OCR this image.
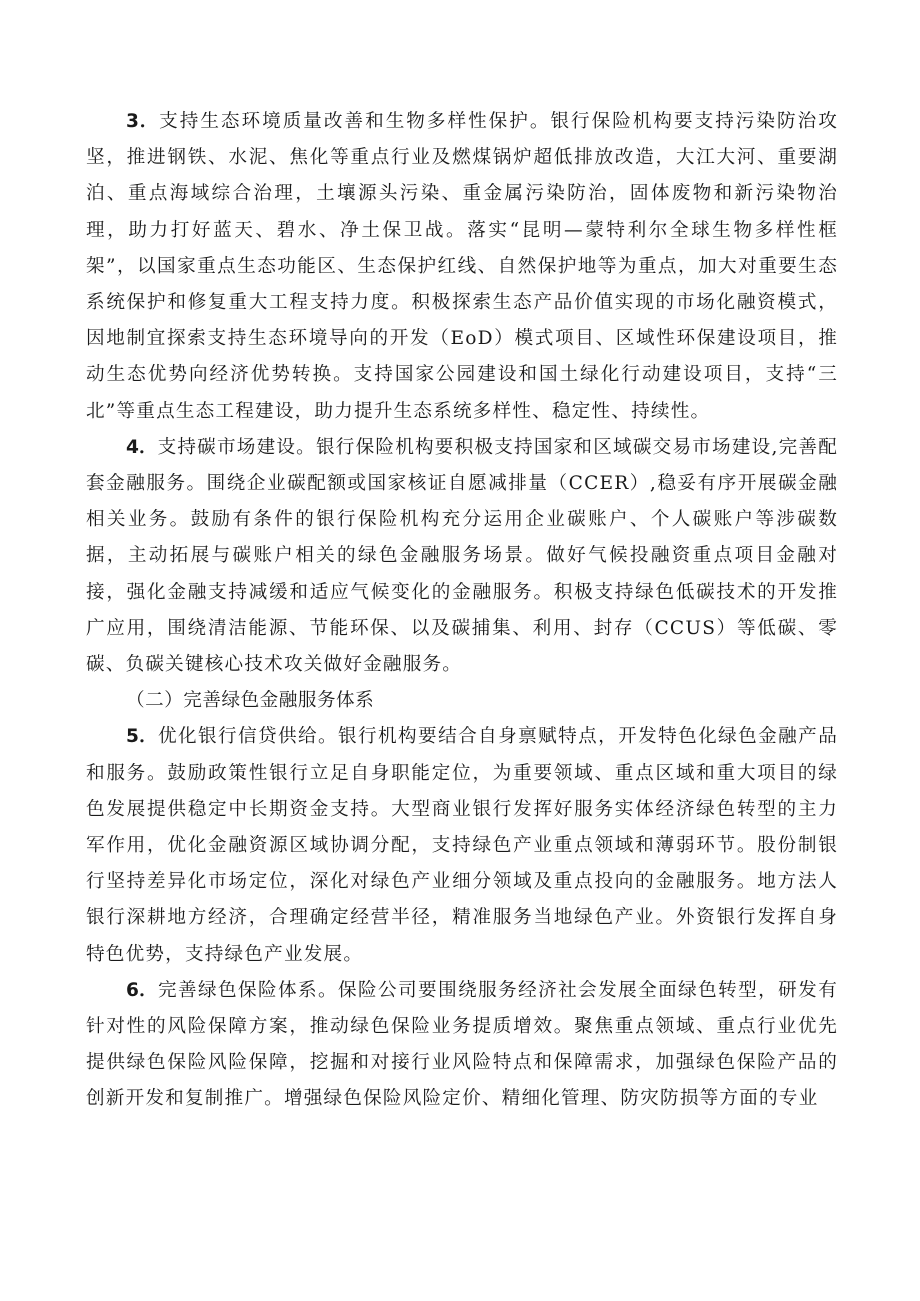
3．支持生态环境质量改善和生物多样性保护。银行保险机构要支持污染防治攻坚，推进钢铁、水泥、焦化等重点行业及燃煤锅炉超低排放改造，大江大河、重要湖泊、重点海域综合治理，土壤源头污染、重金属污染防治，固体废物和新污染物治理，助力打好蓝天、碧水、净土保卫战。落实“昆明—蒙特利尔全球生物多样性框架”，以国家重点生态功能区、生态保护红线、自然保护地等为重点，加大对重要生态系统保护和修复重大工程支持力度。积极探索生态产品价值实现的市场化融资模式，因地制宜探索支持生态环境导向的开发（EoD）模式项目、区域性环保建设项目，推动生态优势向经济优势转换。支持国家公园建设和国土绿化行动建设项目，支持“三北”等重点生态工程建设，助力提升生态系统多样性、稳定性、持续性。

4．支持碳市场建设。银行保险机构要积极支持国家和区域碳交易市场建设,完善配套金融服务。围绕企业碳配额或国家核证自愿减排量（CCER）,稳妥有序开展碳金融相关业务。鼓励有条件的银行保险机构充分运用企业碳账户、个人碳账户等涉碳数据，主动拓展与碳账户相关的绿色金融服务场景。做好气候投融资重点项目金融对接，强化金融支持减缓和适应气候变化的金融服务。积极支持绿色低碳技术的开发推广应用，围绕清洁能源、节能环保、以及碳捕集、利用、封存（CCUS）等低碳、零碳、负碳关键核心技术攻关做好金融服务。

（二）完善绿色金融服务体系

5．优化银行信贷供给。银行机构要结合自身禀赋特点，开发特色化绿色金融产品和服务。鼓励政策性银行立足自身职能定位，为重要领域、重点区域和重大项目的绿色发展提供稳定中长期资金支持。大型商业银行发挥好服务实体经济绿色转型的主力军作用，优化金融资源区域协调分配，支持绿色产业重点领域和薄弱环节。股份制银行坚持差异化市场定位，深化对绿色产业细分领域及重点投向的金融服务。地方法人银行深耕地方经济，合理确定经营半径，精准服务当地绿色产业。外资银行发挥自身特色优势，支持绿色产业发展。

6．完善绿色保险体系。保险公司要围绕服务经济社会发展全面绿色转型，研发有针对性的风险保障方案，推动绿色保险业务提质增效。聚焦重点领域、重点行业优先提供绿色保险风险保障，挖掘和对接行业风险特点和保障需求，加强绿色保险产品的创新开发和复制推广。增强绿色保险风险定价、精细化管理、防灾防损等方面的专业
